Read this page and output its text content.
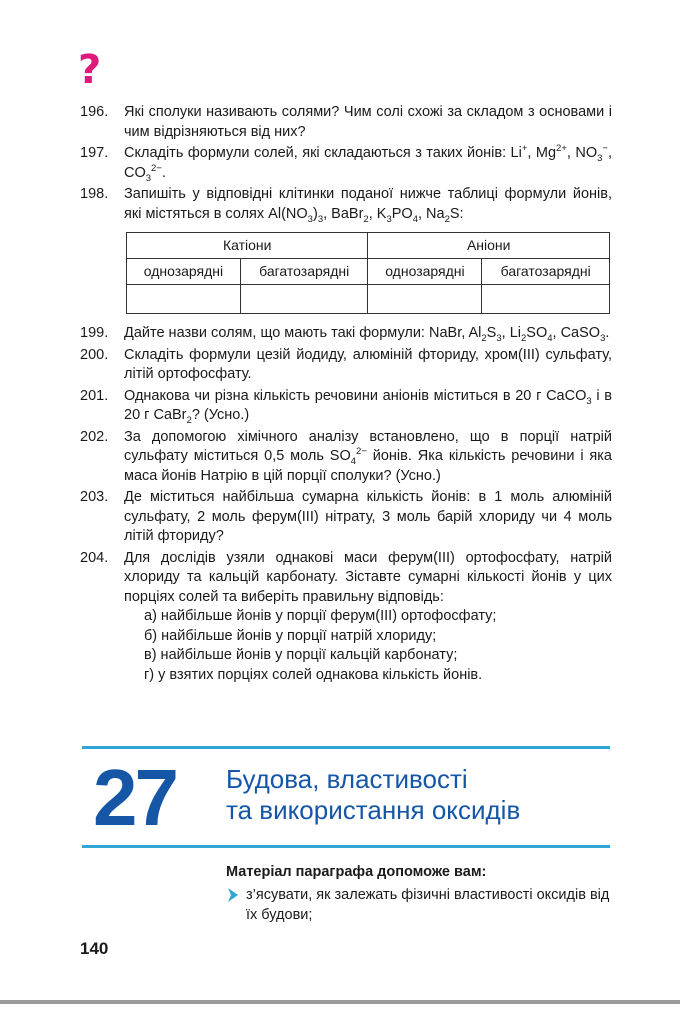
?
196. Які сполуки називають солями? Чим солі схожі за складом з основами і чим відрізняються від них?
197. Складіть формули солей, які складаються з таких йонів: Li+, $Mg^{2+}$, $NO_3^-$, $CO_3^{2-}$.
198. Запишіть у відповідні клітинки поданої нижче таблиці формули йонів, які містяться в солях $Al(NO_3)_3$, BaBr$_2$, $K_3PO_4$, $Na_2S$:
Катіони		Аніони	
однозарядні	багатозарядні	однозарядні	багатозарядні

199. Дайте назви солям, що мають такі формули: NaBr, $Al_2S_3$, $Li_2SO_4$, CaSO$_3$.
200. Складіть формули цезій йодиду, алюміній фториду, хром(ІІІ) сульфату, літій ортофосфату.
201. Однакова чи різна кількість речовини аніонів міститься в 20 г CaCO$_3$ і в 20 г CaBr$_2$? (Усно.)
202. За допомогою хімічного аналізу встановлено, що в порції натрій сульфату міститься 0,5 моль $SO_4^{2-}$ йонів. Яка кількість речовини і яка маса йонів Натрію в цій порції сполуки? (Усно.)
203. Де міститься найбільша сумарна кількість йонів: в 1 моль алюміній сульфату, 2 моль ферум(ІІІ) нітрату, 3 моль барій хлориду чи 4 моль літій фториду?
204. Для дослідів узяли однакові маси ферум(ІІІ) ортофосфату, натрій хлориду та кальцій карбонату. Зіставте сумарні кількості йонів у цих порціях солей та виберіть правильну відповідь:
а) найбільше йонів у порції ферум(ІІІ) ортофосфату;
б) найбільше йонів у порції натрій хлориду;
в) найбільше йонів у порції кальцій карбонату;
г) у взятих порціях солей однакова кількість йонів.
27 Будова, властивості
та використання оксидів
Матеріал параграфа допоможе вам:
з’ясувати, як залежать фізичні властивості оксидів від їх будови;
140
